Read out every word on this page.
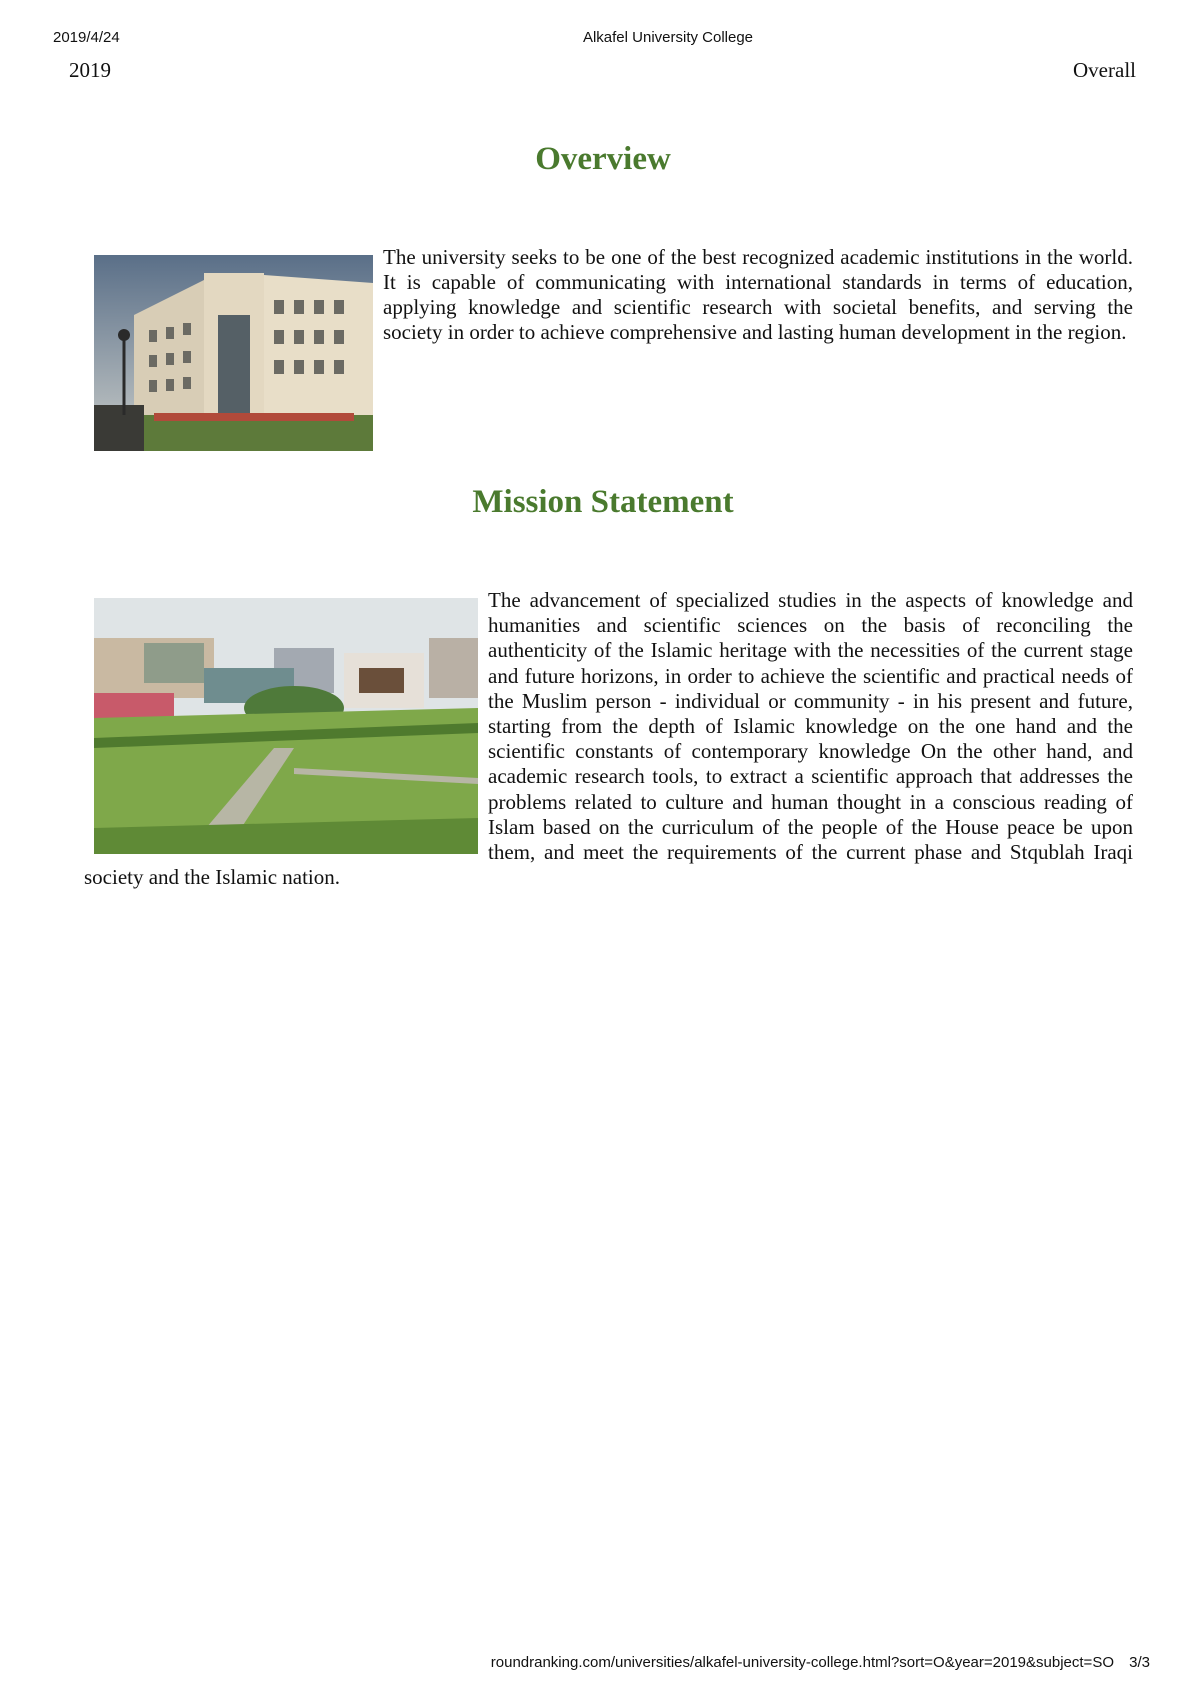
2019/4/24	Alkafel University College
2019	Overall
Overview

The university seeks to be one of the best recognized academic institutions in the world. It is capable of communicating with international standards in terms of education, applying knowledge and scientific research with societal benefits, and serving the society in order to achieve comprehensive and lasting human development in the region.

Mission Statement

The advancement of specialized studies in the aspects of knowledge and humanities and scientific sciences on the basis of reconciling the authenticity of the Islamic heritage with the necessities of the current stage and future horizons, in order to achieve the scientific and practical needs of the Muslim person - individual or community - in his present and future, starting from the depth of Islamic knowledge on the one hand and the scientific constants of contemporary knowledge On the other hand, and academic research tools, to extract a scientific approach that addresses the problems related to culture and human thought in a conscious reading of Islam based on the curriculum of the people of the House peace be upon them, and meet the requirements of the current phase and Stqublah Iraqi society and the Islamic nation.

roundranking.com/universities/alkafel-university-college.html?sort=O&year=2019&subject=SO 3/3
